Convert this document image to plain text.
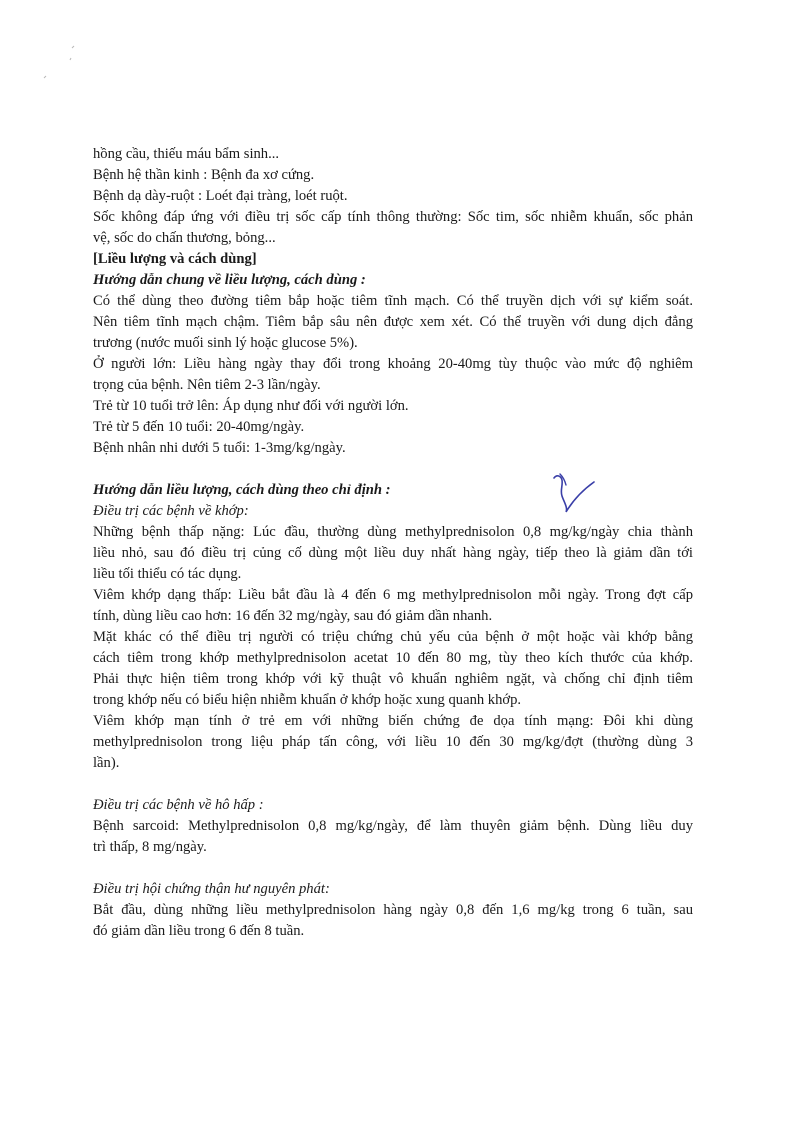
hồng cầu, thiếu máu bẩm sinh...
Bệnh hệ thần kinh : Bệnh đa xơ cứng.
Bệnh dạ dày-ruột : Loét đại tràng, loét ruột.
Sốc không đáp ứng với điều trị sốc cấp tính thông thường: Sốc tim, sốc nhiễm khuẩn, sốc phản
vệ, sốc do chấn thương, bỏng...
[Liều lượng và cách dùng]
Hướng dẫn chung về liều lượng, cách dùng :
Có thể dùng theo đường tiêm bắp hoặc tiêm tĩnh mạch. Có thể truyền dịch với sự kiểm soát.
Nên tiêm tĩnh mạch chậm. Tiêm bắp sâu nên được xem xét. Có thể truyền với dung dịch đẳng
trương (nước muối sinh lý hoặc glucose 5%).
Ở người lớn: Liều hàng ngày thay đổi trong khoảng 20-40mg tùy thuộc vào mức độ nghiêm
trọng của bệnh. Nên tiêm 2-3 lần/ngày.
Trẻ từ 10 tuổi trở lên: Áp dụng như đối với người lớn.
Trẻ từ 5 đến 10 tuổi: 20-40mg/ngày.
Bệnh nhân nhi dưới 5 tuổi: 1-3mg/kg/ngày.
Hướng dẫn liều lượng, cách dùng theo chỉ định :
Điều trị các bệnh về khớp:
Những bệnh thấp nặng: Lúc đầu, thường dùng methylprednisolon 0,8 mg/kg/ngày chia thành
liều nhỏ, sau đó điều trị củng cố dùng một liều duy nhất hàng ngày, tiếp theo là giảm dần tới
liều tối thiểu có tác dụng.
Viêm khớp dạng thấp: Liều bắt đầu là 4 đến 6 mg methylprednisolon mỗi ngày. Trong đợt cấp
tính, dùng liều cao hơn: 16 đến 32 mg/ngày, sau đó giảm dần nhanh.
Mặt khác có thể điều trị người có triệu chứng chủ yếu của bệnh ở một hoặc vài khớp bằng
cách tiêm trong khớp methylprednisolon acetat 10 đến 80 mg, tùy theo kích thước của khớp.
Phải thực hiện tiêm trong khớp với kỹ thuật vô khuẩn nghiêm ngặt, và chống chỉ định tiêm
trong khớp nếu có biểu hiện nhiễm khuẩn ở khớp hoặc xung quanh khớp.
Viêm khớp mạn tính ở trẻ em với những biến chứng đe dọa tính mạng: Đôi khi dùng
methylprednisolon trong liệu pháp tấn công, với liều 10 đến 30 mg/kg/đợt (thường dùng 3
lần).
Điều trị các bệnh về hô hấp :
Bệnh sarcoid: Methylprednisolon 0,8 mg/kg/ngày, để làm thuyên giảm bệnh. Dùng liều duy
trì thấp, 8 mg/ngày.
Điều trị hội chứng thận hư nguyên phát:
Bắt đầu, dùng những liều methylprednisolon hàng ngày 0,8 đến 1,6 mg/kg trong 6 tuần, sau
đó giảm dần liều trong 6 đến 8 tuần.
